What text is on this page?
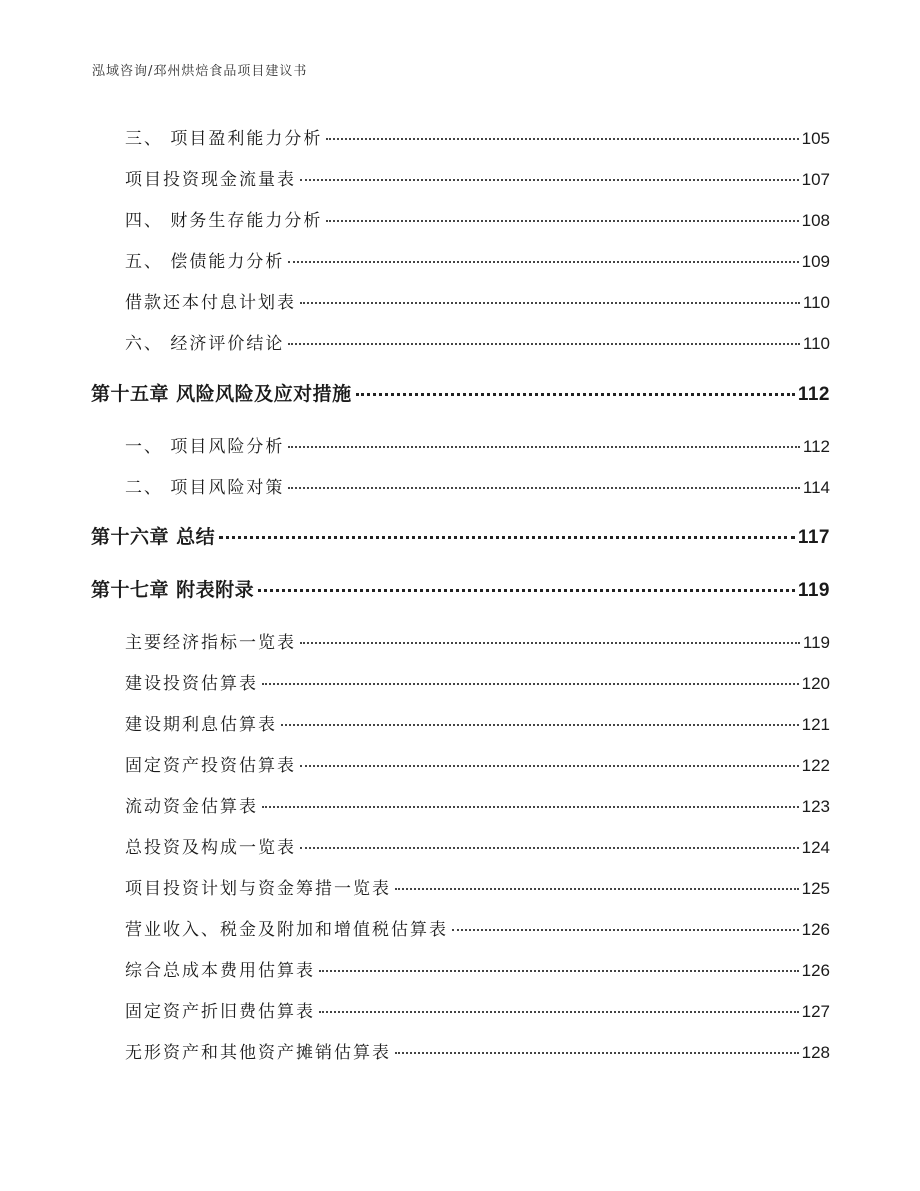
泓域咨询/邳州烘焙食品项目建议书
三、 项目盈利能力分析	105
项目投资现金流量表	107
四、 财务生存能力分析	108
五、 偿债能力分析	109
借款还本付息计划表	110
六、 经济评价结论	110
第十五章 风险风险及应对措施	112
一、 项目风险分析	112
二、 项目风险对策	114
第十六章 总结	117
第十七章 附表附录	119
主要经济指标一览表	119
建设投资估算表	120
建设期利息估算表	121
固定资产投资估算表	122
流动资金估算表	123
总投资及构成一览表	124
项目投资计划与资金筹措一览表	125
营业收入、税金及附加和增值税估算表	126
综合总成本费用估算表	126
固定资产折旧费估算表	127
无形资产和其他资产摊销估算表	128
